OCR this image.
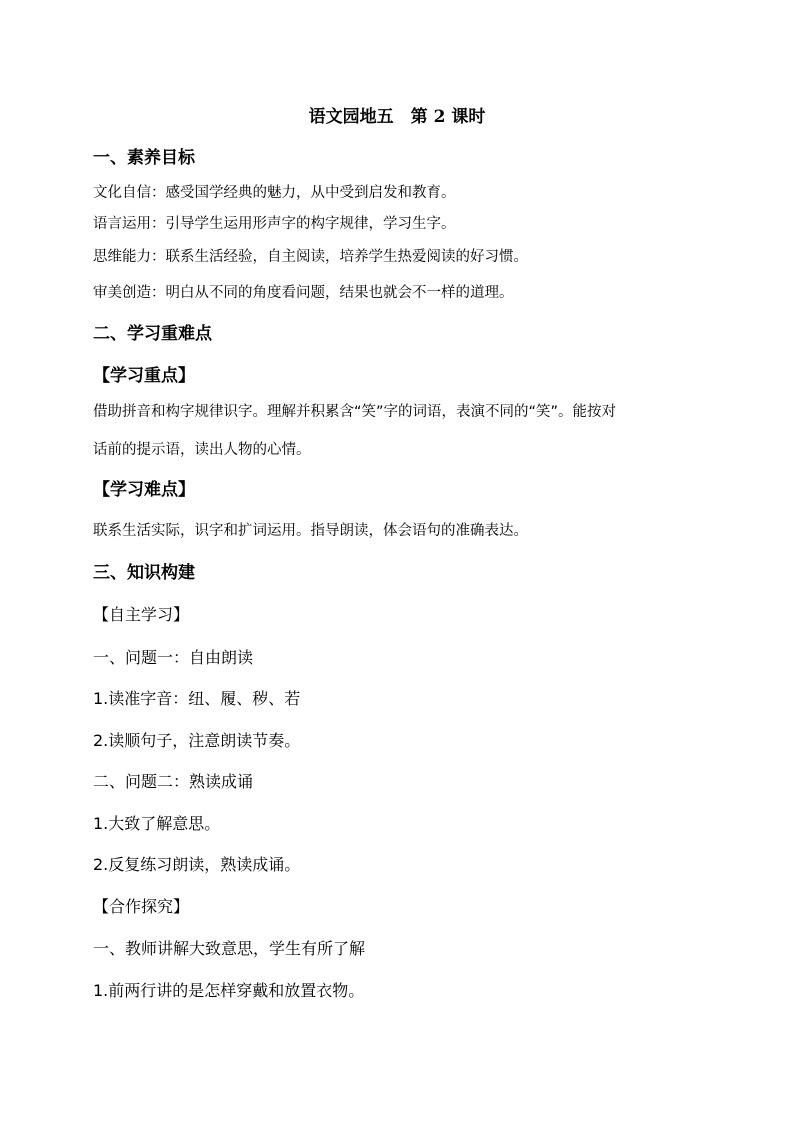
语文园地五　第 2 课时
一、素养目标
文化自信：感受国学经典的魅力，从中受到启发和教育。
语言运用：引导学生运用形声字的构字规律，学习生字。
思维能力：联系生活经验，自主阅读，培养学生热爱阅读的好习惯。
审美创造：明白从不同的角度看问题，结果也就会不一样的道理。
二、学习重难点
【学习重点】
借助拼音和构字规律识字。理解并积累含“笑”字的词语，表演不同的“笑”。能按对
话前的提示语，读出人物的心情。
【学习难点】
联系生活实际，识字和扩词运用。指导朗读，体会语句的准确表达。
三、知识构建
【自主学习】
一、问题一：自由朗读
1.读准字音：纽、履、秽、若
2.读顺句子，注意朗读节奏。
二、问题二：熟读成诵
1.大致了解意思。
2.反复练习朗读，熟读成诵。
【合作探究】
一、教师讲解大致意思，学生有所了解
1.前两行讲的是怎样穿戴和放置衣物。
